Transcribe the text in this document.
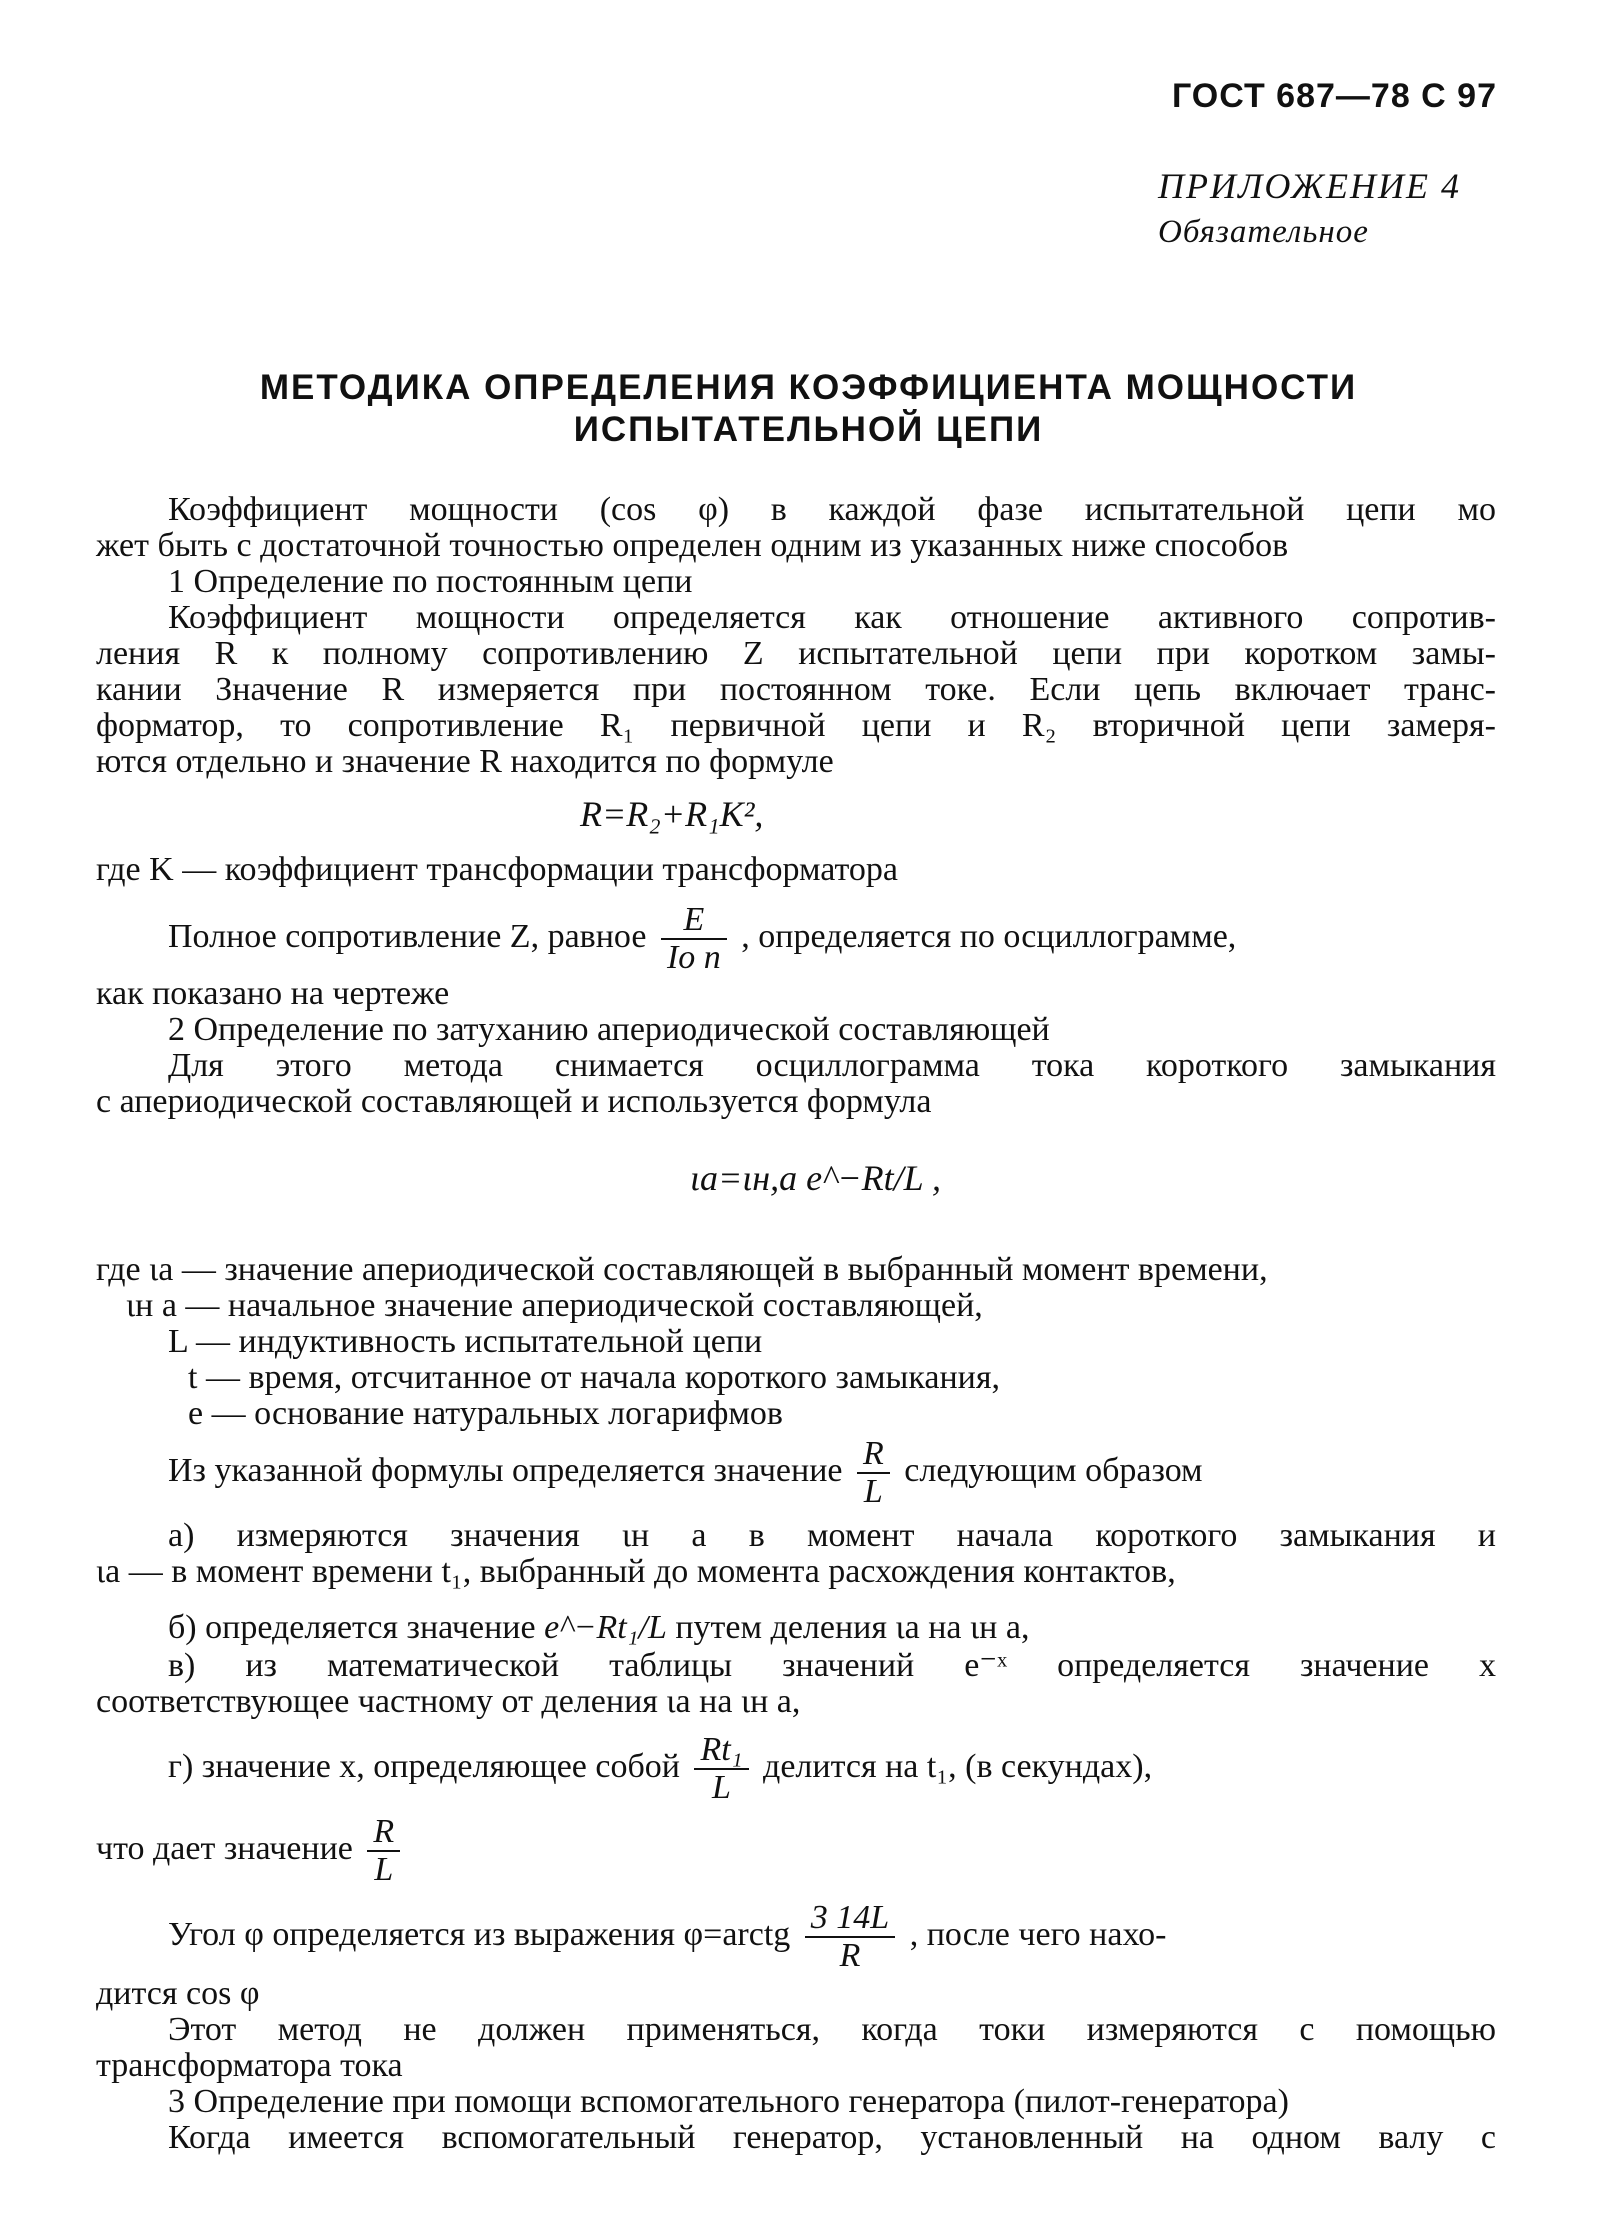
ГОСТ 687—78 С 97
ПРИЛОЖЕНИЕ 4
Обязательное
МЕТОДИКА ОПРЕДЕЛЕНИЯ КОЭФФИЦИЕНТА МОЩНОСТИ
ИСПЫТАТЕЛЬНОЙ ЦЕПИ
Коэффициент мощности (cos φ) в каждой фазе испытательной цепи мо
жет быть с достаточной точностью определен одним из указанных ниже способов
1 Определение по постоянным цепи
Коэффициент мощности определяется как отношение активного сопротив-
ления R к полному сопротивлению Z испытательной цепи при коротком замы-
кании Значение R измеряется при постоянном токе. Если цепь включает транс-
форматор, то сопротивление R₁ первичной цепи и R₂ вторичной цепи замеря-
ются отдельно и значение R находится по формуле
R=R₂+R₁K²,
где K — коэффициент трансформации трансформатора
Полное сопротивление Z, равное $\frac{E}{\text{Iо п}}$ , определяется по осциллограмме,
как показано на чертеже
2 Определение по затуханию апериодической составляющей
Для этого метода снимается осциллограмма тока короткого замыкания
с апериодической составляющей и используется формула
ιа=ιн,а e^−Rt/L ,
где ιа — значение апериодической составляющей в выбранный момент времени,
ιн а — начальное значение апериодической составляющей,
L — индуктивность испытательной цепи
t — время, отсчитанное от начала короткого замыкания,
e — основание натуральных логарифмов
Из указанной формулы определяется значение $\frac{R}{L}$ следующим образом
а) измеряются значения ιн а в момент начала короткого замыкания и
ιа — в момент времени t₁, выбранный до момента расхождения контактов,
б) определяется значение e^−Rt₁/L путем деления ιа на ιн а,
в) из математической таблицы значений e⁻ˣ определяется значение x
соответствующее частному от деления ιа на ιн а,
г) значение x, определяющее собой $\frac{\text{Rt₁}}{L}$ делится на t₁, (в секундах),
что дает значение $\frac{R}{L}$
Угол φ определяется из выражения φ=arctg $\frac{3 14L}{R}$ , после чего нахо-
дится cos φ
Этот метод не должен применяться, когда токи измеряются с помощью
трансформатора тока
3 Определение при помощи вспомогательного генератора (пилот-генератора)
Когда имеется вспомогательный генератор, установленный на одном валу с
